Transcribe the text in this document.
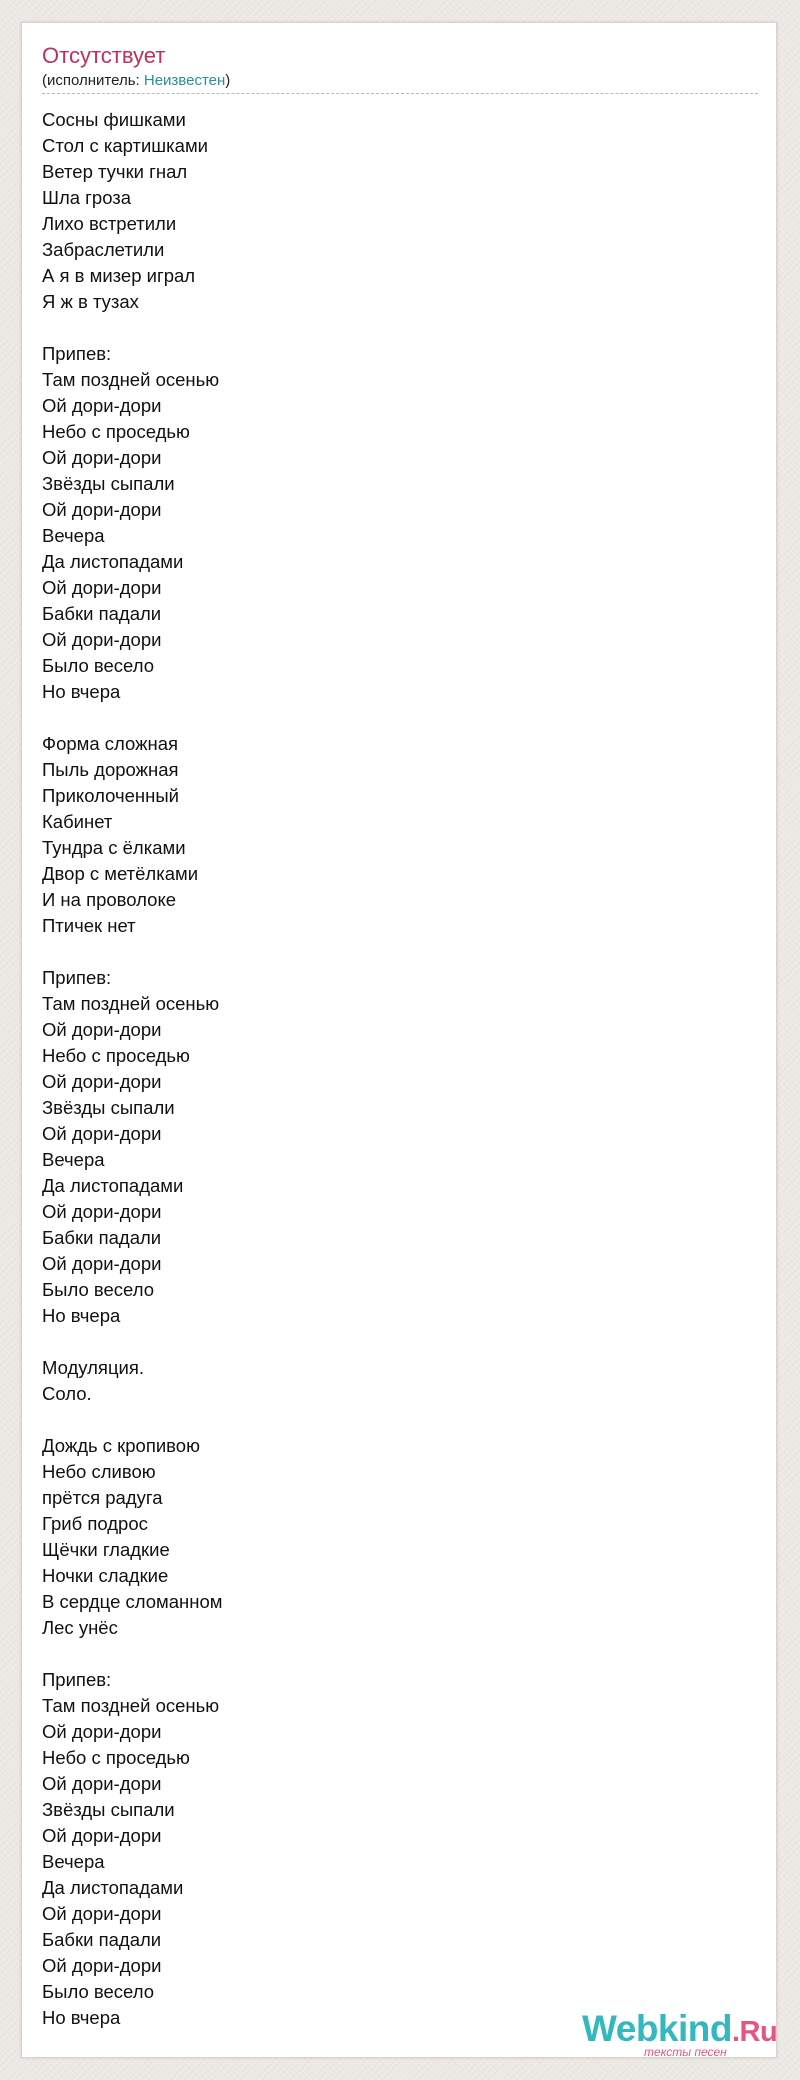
Отсутствует
(исполнитель: Неизвестен)
Сосны фишками
Стол с картишками
Ветер тучки гнал
Шла гроза
Лихо встретили
Забраслетили
А я в мизер играл
Я ж в тузах
Припев:
Там поздней осенью
Ой дори-дори
Небо с проседью
Ой дори-дори
Звёзды сыпали
Ой дори-дори
Вечера
Да листопадами
Ой дори-дори
Бабки падали
Ой дори-дори
Было весело
Но вчера
Форма сложная
Пыль дорожная
Приколоченный
Кабинет
Тундра с ёлками
Двор с метёлками
И на проволоке
Птичек нет
Припев:
Там поздней осенью
Ой дори-дори
Небо с проседью
Ой дори-дори
Звёзды сыпали
Ой дори-дори
Вечера
Да листопадами
Ой дори-дори
Бабки падали
Ой дори-дори
Было весело
Но вчера
Модуляция.
Соло.
Дождь с кропивою
Небо сливою
прётся радуга
Гриб подрос
Щёчки гладкие
Ночки сладкие
В сердце сломанном
Лес унёс
Припев:
Там поздней осенью
Ой дори-дори
Небо с проседью
Ой дори-дори
Звёзды сыпали
Ой дори-дори
Вечера
Да листопадами
Ой дори-дори
Бабки падали
Ой дори-дори
Было весело
Но вчера	Webkind.Ru
тексты песен
